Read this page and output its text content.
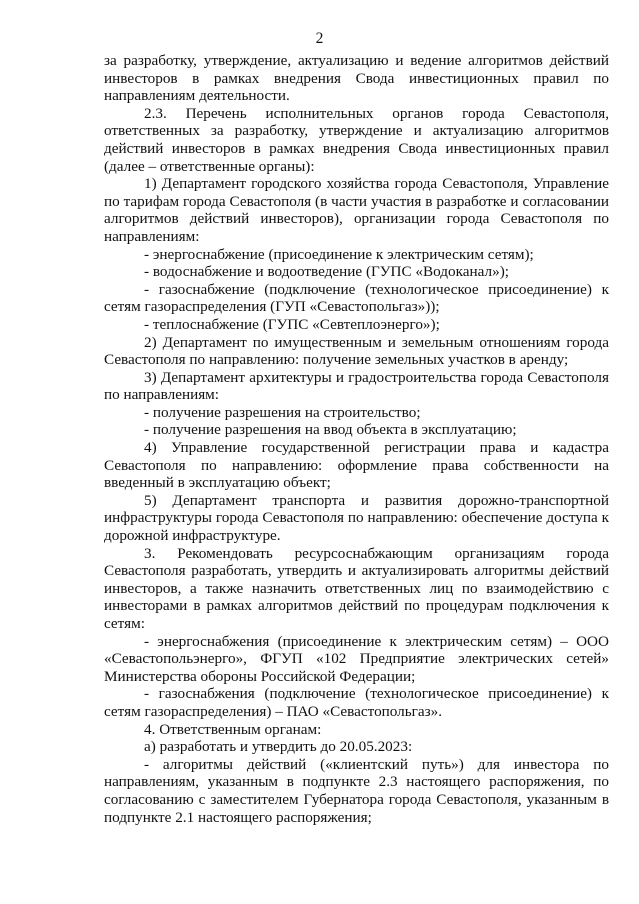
2

за разработку, утверждение, актуализацию и ведение алгоритмов действий инвесторов в рамках внедрения Свода инвестиционных правил по направлениям деятельности.

2.3. Перечень исполнительных органов города Севастополя, ответственных за разработку, утверждение и актуализацию алгоритмов действий инвесторов в рамках внедрения Свода инвестиционных правил (далее – ответственные органы):

1) Департамент городского хозяйства города Севастополя, Управление по тарифам города Севастополя (в части участия в разработке и согласовании алгоритмов действий инвесторов), организации города Севастополя по направлениям:

- энергоснабжение (присоединение к электрическим сетям);

- водоснабжение и водоотведение (ГУПС «Водоканал»);

- газоснабжение (подключение (технологическое присоединение) к сетям газораспределения (ГУП «Севастопольгаз»));

- теплоснабжение (ГУПС «Севтеплоэнерго»);

2) Департамент по имущественным и земельным отношениям города Севастополя по направлению: получение земельных участков в аренду;

3) Департамент архитектуры и градостроительства города Севастополя по направлениям:

- получение разрешения на строительство;

- получение разрешения на ввод объекта в эксплуатацию;

4) Управление государственной регистрации права и кадастра Севастополя по направлению: оформление права собственности на введенный в эксплуатацию объект;

5) Департамент транспорта и развития дорожно-транспортной инфраструктуры города Севастополя по направлению: обеспечение доступа к дорожной инфраструктуре.

3. Рекомендовать ресурсоснабжающим организациям города Севастополя разработать, утвердить и актуализировать алгоритмы действий инвесторов, а также назначить ответственных лиц по взаимодействию с инвесторами в рамках алгоритмов действий по процедурам подключения к сетям:

- энергоснабжения (присоединение к электрическим сетям) – ООО «Севастопольэнерго», ФГУП «102 Предприятие электрических сетей» Министерства обороны Российской Федерации;

- газоснабжения (подключение (технологическое присоединение) к сетям газораспределения) – ПАО «Севастопольгаз».

4. Ответственным органам:

а) разработать и утвердить до 20.05.2023:

- алгоритмы действий («клиентский путь») для инвестора по направлениям, указанным в подпункте 2.3 настоящего распоряжения, по согласованию с заместителем Губернатора города Севастополя, указанным в подпункте 2.1 настоящего распоряжения;
